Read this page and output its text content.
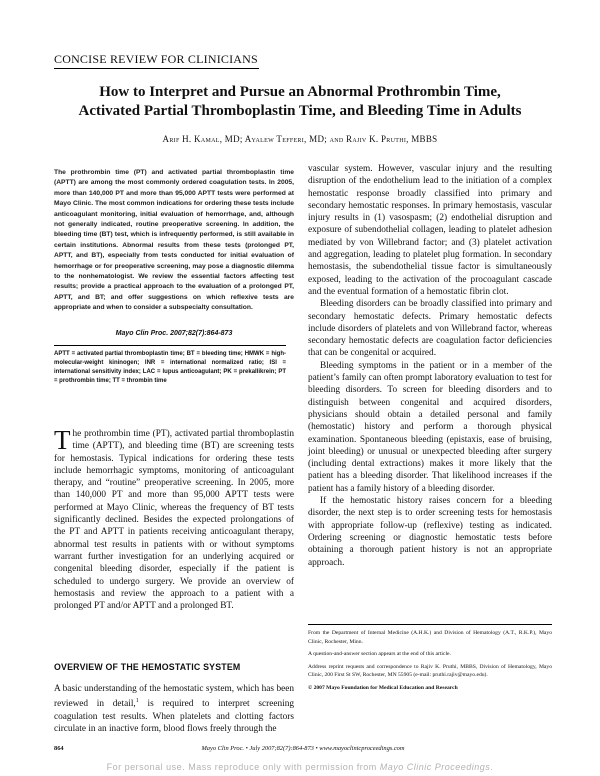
CONCISE REVIEW FOR CLINICIANS
How to Interpret and Pursue an Abnormal Prothrombin Time,
Activated Partial Thromboplastin Time, and Bleeding Time in Adults
Arif H. Kamal, MD; Ayalew Tefferi, MD; and Rajiv K. Pruthi, MBBS
The prothrombin time (PT) and activated partial thromboplastin time (APTT) are among the most commonly ordered coagulation tests. In 2005, more than 140,000 PT and more than 95,000 APTT tests were performed at Mayo Clinic. The most common indications for ordering these tests include anticoagulant monitoring, initial evaluation of hemorrhage, and, although not generally indicated, routine preoperative screening. In addition, the bleeding time (BT) test, which is infrequently performed, is still available in certain institutions. Abnormal results from these tests (prolonged PT, APTT, and BT), especially from tests conducted for initial evaluation of hemorrhage or for preoperative screening, may pose a diagnostic dilemma to the nonhematologist. We review the essential factors affecting test results; provide a practical approach to the evaluation of a prolonged PT, APTT, and BT; and offer suggestions on which reflexive tests are appropriate and when to consider a subspecialty consultation.
Mayo Clin Proc. 2007;82(7):864-873
APTT = activated partial thromboplastin time; BT = bleeding time; HMWK = high-molecular-weight kininogen; INR = international normalized ratio; ISI = international sensitivity index; LAC = lupus anticoagulant; PK = prekallikrein; PT = prothrombin time; TT = thrombin time
The prothrombin time (PT), activated partial thromboplastin time (APTT), and bleeding time (BT) are screening tests for hemostasis. Typical indications for ordering these tests include hemorrhagic symptoms, monitoring of anticoagulant therapy, and “routine” preoperative screening. In 2005, more than 140,000 PT and more than 95,000 APTT tests were performed at Mayo Clinic, whereas the frequency of BT tests significantly declined. Besides the expected prolongations of the PT and APTT in patients receiving anticoagulant therapy, abnormal test results in patients with or without symptoms warrant further investigation for an underlying acquired or congenital bleeding disorder, especially if the patient is scheduled to undergo surgery. We provide an overview of hemostasis and review the approach to a patient with a prolonged PT and/or APTT and a prolonged BT.
OVERVIEW OF THE HEMOSTATIC SYSTEM
A basic understanding of the hemostatic system, which has been reviewed in detail,$^1$ is required to interpret screening coagulation test results. When platelets and clotting factors circulate in an inactive form, blood flows freely through the

vascular system. However, vascular injury and the resulting disruption of the endothelium lead to the initiation of a complex hemostatic response broadly classified into primary and secondary hemostatic responses. In primary hemostasis, vascular injury results in (1) vasospasm; (2) endothelial disruption and exposure of subendothelial collagen, leading to platelet adhesion mediated by von Willebrand factor; and (3) platelet activation and aggregation, leading to platelet plug formation. In secondary hemostasis, the subendothelial tissue factor is simultaneously exposed, leading to the activation of the procoagulant cascade and the eventual formation of a hemostatic fibrin clot.

Bleeding disorders can be broadly classified into primary and secondary hemostatic defects. Primary hemostatic defects include disorders of platelets and von Willebrand factor, whereas secondary hemostatic defects are coagulation factor deficiencies that can be congenital or acquired.

Bleeding symptoms in the patient or in a member of the patient’s family can often prompt laboratory evaluation to test for bleeding disorders. To screen for bleeding disorders and to distinguish between congenital and acquired disorders, physicians should obtain a detailed personal and family (hemostatic) history and perform a thorough physical examination. Spontaneous bleeding (epistaxis, ease of bruising, joint bleeding) or unusual or unexpected bleeding after surgery (including dental extractions) makes it more likely that the patient has a bleeding disorder. That likelihood increases if the patient has a family history of a bleeding disorder.

If the hemostatic history raises concern for a bleeding disorder, the next step is to order screening tests for hemostasis with appropriate follow-up (reflexive) testing as indicated. Ordering screening or diagnostic hemostatic tests before obtaining a thorough patient history is not an appropriate approach.

From the Department of Internal Medicine (A.H.K.) and Division of Hematology (A.T., R.K.P.), Mayo Clinic, Rochester, Minn.

A question-and-answer section appears at the end of this article.

Address reprint requests and correspondence to Rajiv K. Pruthi, MBBS, Division of Hematology, Mayo Clinic, 200 First St SW, Rochester, MN 55905 (e-mail: pruthi.rajiv@mayo.edu).

© 2007 Mayo Foundation for Medical Education and Research

864	Mayo Clin Proc. • July 2007;82(7):864-873 • www.mayoclinicproceedings.com
For personal use. Mass reproduce only with permission from Mayo Clinic Proceedings.
